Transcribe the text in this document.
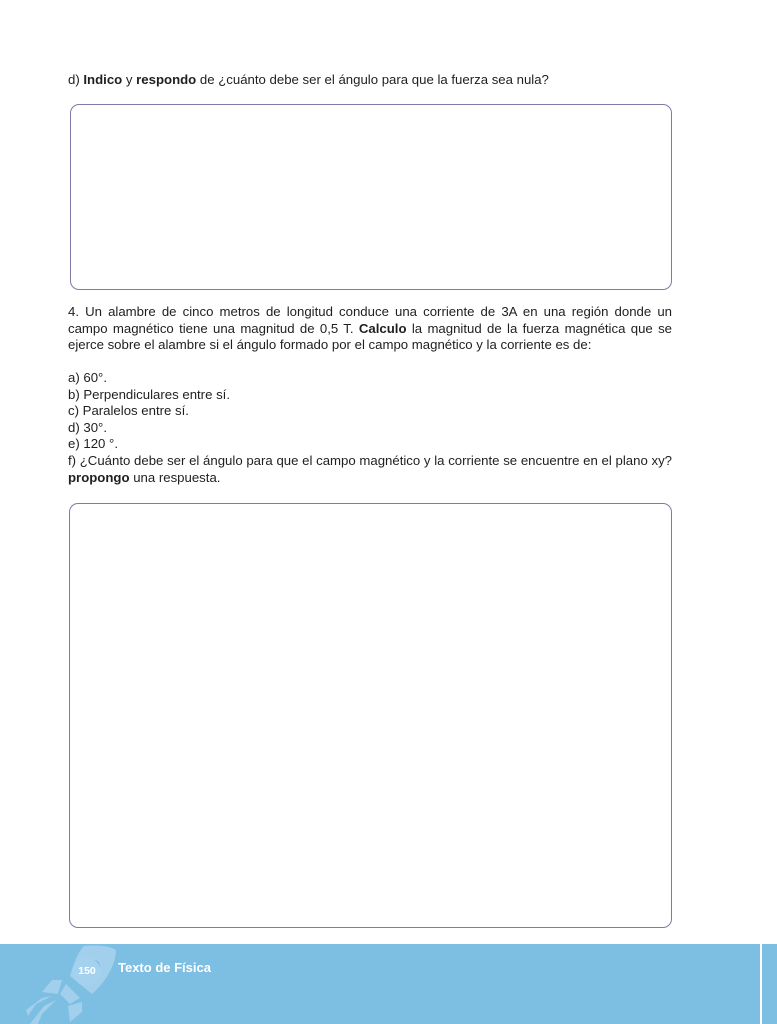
d) Indico y respondo de ¿cuánto debe ser el ángulo para que la fuerza sea nula?

4. Un alambre de cinco metros de longitud conduce una corriente de 3A en una región donde un campo magnético tiene una magnitud de 0,5 T. Calculo la magnitud de la fuerza magnética que se ejerce sobre el alambre si el ángulo formado por el campo magnético y la corriente es de:

a) 60°.
b) Perpendiculares entre sí.
c) Paralelos entre sí.
d) 30°.
e) 120 °.
f) ¿Cuánto debe ser el ángulo para que el campo magnético y la corriente se encuentre en el plano xy? propongo una respuesta.
150	Texto de Física
